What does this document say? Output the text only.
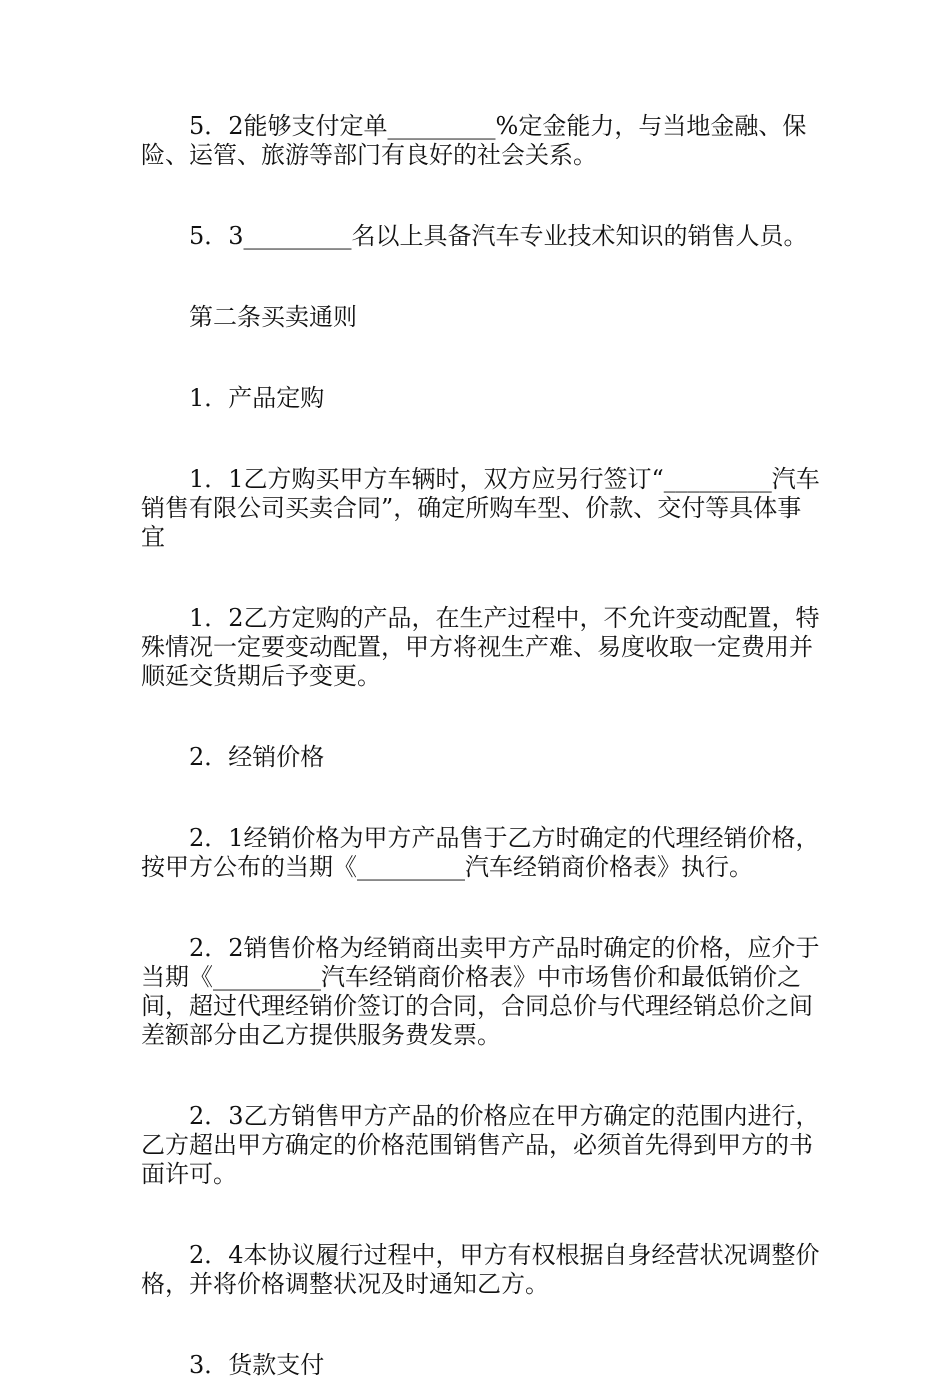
5．2能够支付定单_________%定金能力，与当地金融、保险、运管、旅游等部门有良好的社会关系。

5．3_________名以上具备汽车专业技术知识的销售人员。

第二条买卖通则

1．产品定购

1．1乙方购买甲方车辆时，双方应另行签订“_________汽车销售有限公司买卖合同”，确定所购车型、价款、交付等具体事宜

1．2乙方定购的产品，在生产过程中，不允许变动配置，特殊情况一定要变动配置，甲方将视生产难、易度收取一定费用并顺延交货期后予变更。

2．经销价格

2．1经销价格为甲方产品售于乙方时确定的代理经销价格，按甲方公布的当期《_________汽车经销商价格表》执行。

2．2销售价格为经销商出卖甲方产品时确定的价格，应介于当期《_________汽车经销商价格表》中市场售价和最低销价之间，超过代理经销价签订的合同，合同总价与代理经销总价之间差额部分由乙方提供服务费发票。

2．3乙方销售甲方产品的价格应在甲方确定的范围内进行，乙方超出甲方确定的价格范围销售产品，必须首先得到甲方的书面许可。

2．4本协议履行过程中，甲方有权根据自身经营状况调整价格，并将价格调整状况及时通知乙方。

3．货款支付
